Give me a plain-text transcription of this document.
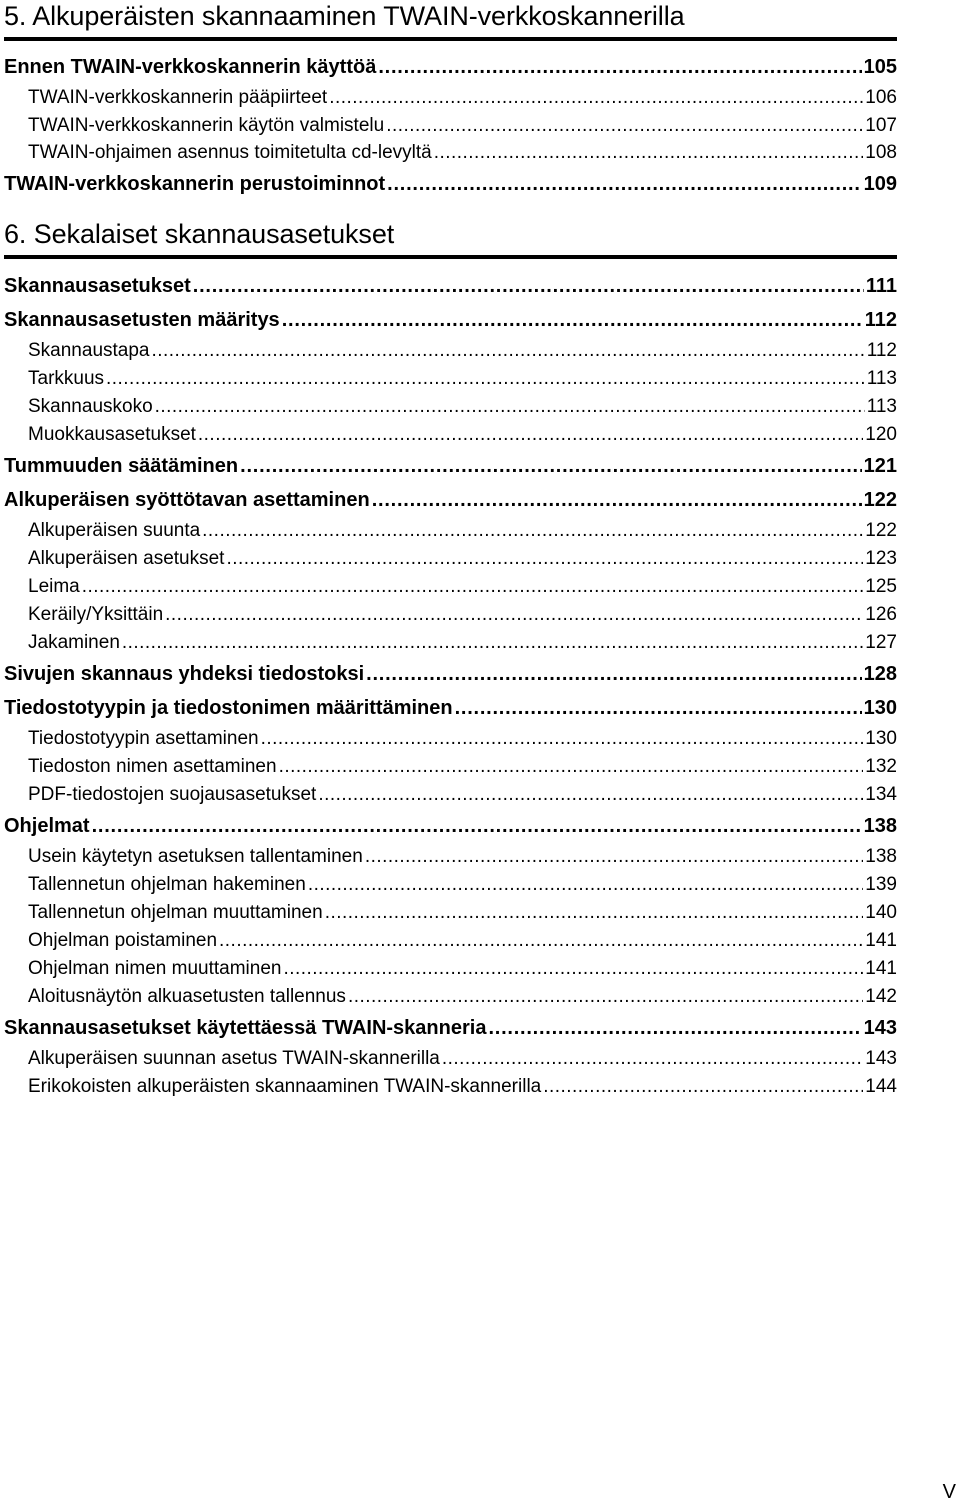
5. Alkuperäisten skannaaminen TWAIN-verkkoskannerilla
Ennen TWAIN-verkkoskannerin käyttöä . . .	105
TWAIN-verkkoskannerin pääpiirteet . . .	106
TWAIN-verkkoskannerin käytön valmistelu . . .	107
TWAIN-ohjaimen asennus toimitetulta cd-levyltä . . .	108
TWAIN-verkkoskannerin perustoiminnot . . .	109
6. Sekalaiset skannausasetukset
Skannausasetukset . . .	111
Skannausasetusten määritys . . .	112
Skannaustapa . . .	112
Tarkkuus . . .	113
Skannauskoko . . .	113
Muokkausasetukset . . .	120
Tummuuden säätäminen . . .	121
Alkuperäisen syöttötavan asettaminen . . .	122
Alkuperäisen suunta . . .	122
Alkuperäisen asetukset . . .	123
Leima . . .	125
Keräily/Yksittäin . . .	126
Jakaminen . . .	127
Sivujen skannaus yhdeksi tiedostoksi . . .	128
Tiedostotyypin ja tiedostonimen määrittäminen . . .	130
Tiedostotyypin asettaminen . . .	130
Tiedoston nimen asettaminen . . .	132
PDF-tiedostojen suojausasetukset . . .	134
Ohjelmat . . .	138
Usein käytetyn asetuksen tallentaminen . . .	138
Tallennetun ohjelman hakeminen . . .	139
Tallennetun ohjelman muuttaminen . . .	140
Ohjelman poistaminen . . .	141
Ohjelman nimen muuttaminen . . .	141
Aloitusnäytön alkuasetusten tallennus . . .	142
Skannausasetukset käytettäessä TWAIN-skanneria . . .	143
Alkuperäisen suunnan asetus TWAIN-skannerilla . . .	143
Erikokoisten alkuperäisten skannaaminen TWAIN-skannerilla . . .	144
V
